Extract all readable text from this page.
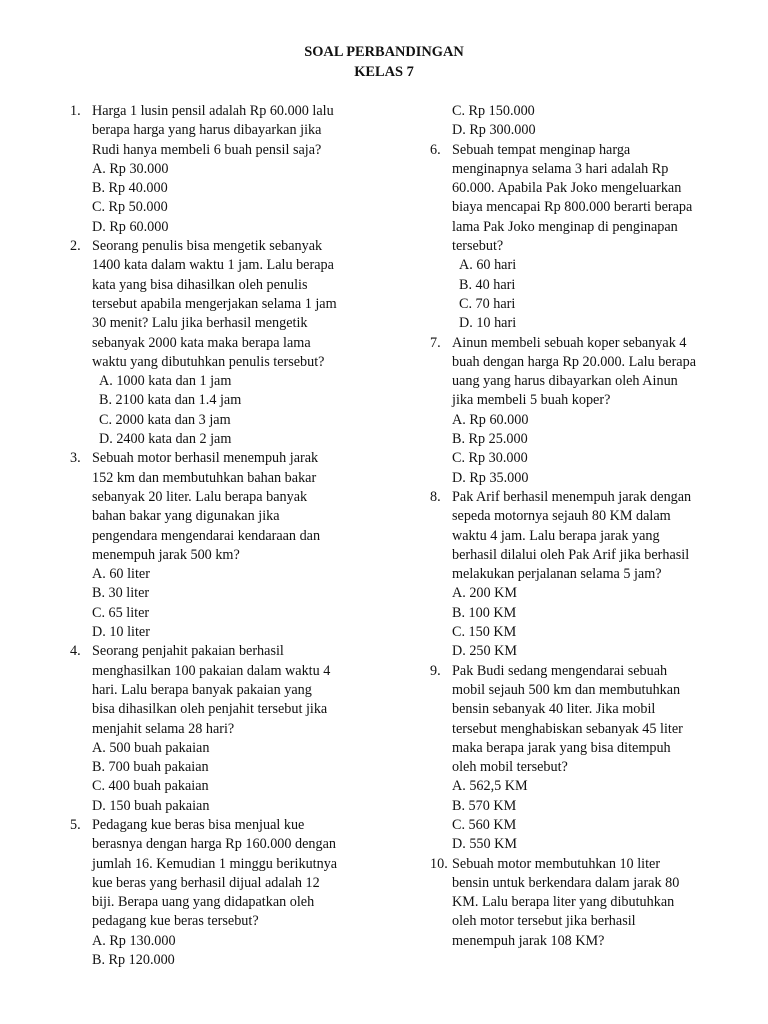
SOAL PERBANDINGAN
KELAS 7
1. Harga 1 lusin pensil adalah Rp 60.000 lalu
berapa harga yang harus dibayarkan jika
Rudi hanya membeli 6 buah pensil saja?
A. Rp 30.000
B. Rp 40.000
C. Rp 50.000
D. Rp 60.000
2. Seorang penulis bisa mengetik sebanyak
1400 kata dalam waktu 1 jam. Lalu berapa
kata yang bisa dihasilkan oleh penulis
tersebut apabila mengerjakan selama 1 jam
30 menit? Lalu jika berhasil mengetik
sebanyak 2000 kata maka berapa lama
waktu yang dibutuhkan penulis tersebut?
A. 1000 kata dan 1 jam
B. 2100 kata dan 1.4 jam
C. 2000 kata dan 3 jam
D. 2400 kata dan 2 jam
3. Sebuah motor berhasil menempuh jarak
152 km dan membutuhkan bahan bakar
sebanyak 20 liter. Lalu berapa banyak
bahan bakar yang digunakan jika
pengendara mengendarai kendaraan dan
menempuh jarak 500 km?
A. 60 liter
B. 30 liter
C. 65 liter
D. 10 liter
4. Seorang penjahit pakaian berhasil
menghasilkan 100 pakaian dalam waktu 4
hari. Lalu berapa banyak pakaian yang
bisa dihasilkan oleh penjahit tersebut jika
menjahit selama 28 hari?
A. 500 buah pakaian
B. 700 buah pakaian
C. 400 buah pakaian
D. 150 buah pakaian
5. Pedagang kue beras bisa menjual kue
berasnya dengan harga Rp 160.000 dengan
jumlah 16. Kemudian 1 minggu berikutnya
kue beras yang berhasil dijual adalah 12
biji. Berapa uang yang didapatkan oleh
pedagang kue beras tersebut?
A. Rp 130.000
B. Rp 120.000
C. Rp 150.000
D. Rp 300.000
6. Sebuah tempat menginap harga
menginapnya selama 3 hari adalah Rp
60.000. Apabila Pak Joko mengeluarkan
biaya mencapai Rp 800.000 berarti berapa
lama Pak Joko menginap di penginapan
tersebut?
A. 60 hari
B. 40 hari
C. 70 hari
D. 10 hari
7. Ainun membeli sebuah koper sebanyak 4
buah dengan harga Rp 20.000. Lalu berapa
uang yang harus dibayarkan oleh Ainun
jika membeli 5 buah koper?
A. Rp 60.000
B. Rp 25.000
C. Rp 30.000
D. Rp 35.000
8. Pak Arif berhasil menempuh jarak dengan
sepeda motornya sejauh 80 KM dalam
waktu 4 jam. Lalu berapa jarak yang
berhasil dilalui oleh Pak Arif jika berhasil
melakukan perjalanan selama 5 jam?
A. 200 KM
B. 100 KM
C. 150 KM
D. 250 KM
9. Pak Budi sedang mengendarai sebuah
mobil sejauh 500 km dan membutuhkan
bensin sebanyak 40 liter. Jika mobil
tersebut menghabiskan sebanyak 45 liter
maka berapa jarak yang bisa ditempuh
oleh mobil tersebut?
A. 562,5 KM
B. 570 KM
C. 560 KM
D. 550 KM
10. Sebuah motor membutuhkan 10 liter
bensin untuk berkendara dalam jarak 80
KM. Lalu berapa liter yang dibutuhkan
oleh motor tersebut jika berhasil
menempuh jarak 108 KM?
